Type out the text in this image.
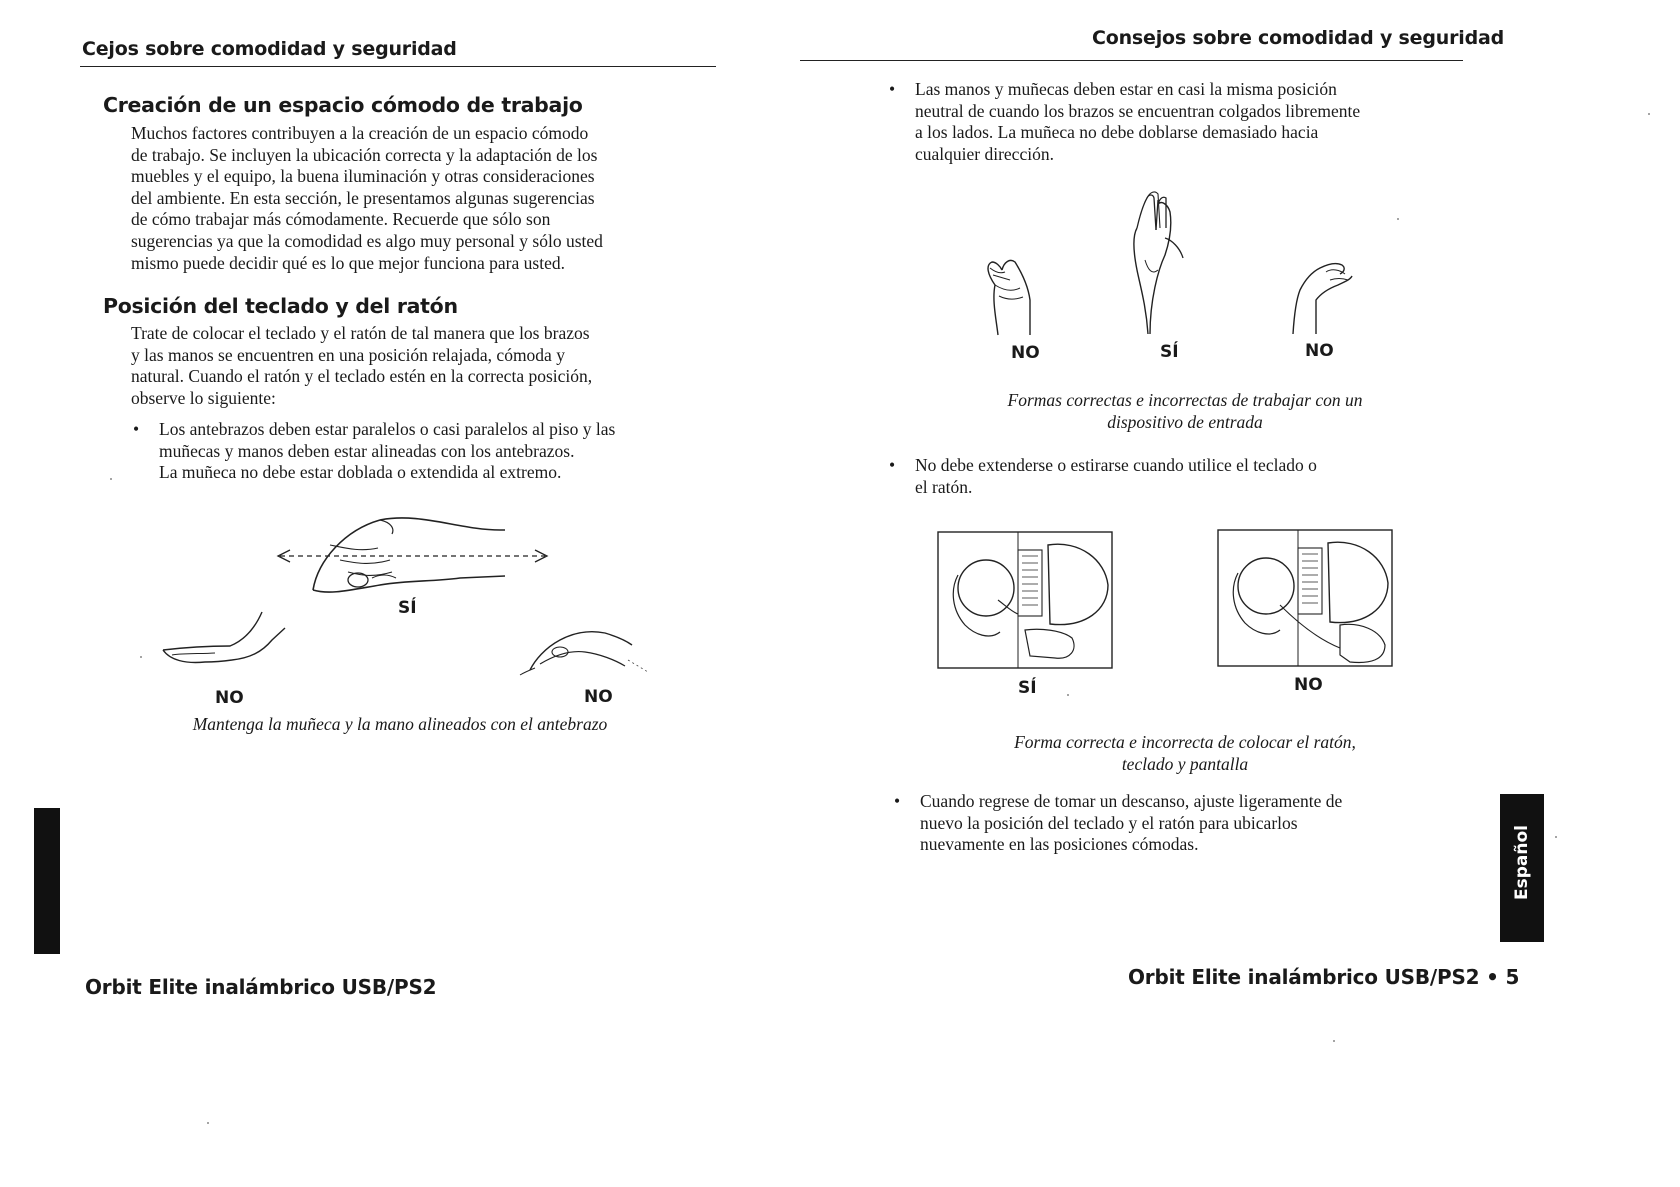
Cejos sobre comodidad y seguridad
Creación de un espacio cómodo de trabajo
Muchos factores contribuyen a la creación de un espacio cómodo
de trabajo. Se incluyen la ubicación correcta y la adaptación de los
muebles y el equipo, la buena iluminación y otras consideraciones
del ambiente. En esta sección, le presentamos algunas sugerencias
de cómo trabajar más cómodamente. Recuerde que sólo son
sugerencias ya que la comodidad es algo muy personal y sólo usted
mismo puede decidir qué es lo que mejor funciona para usted.
Posición del teclado y del ratón
Trate de colocar el teclado y el ratón de tal manera que los brazos
y las manos se encuentren en una posición relajada, cómoda y
natural. Cuando el ratón y el teclado estén en la correcta posición,
observe lo siguiente:
• Los antebrazos deben estar paralelos o casi paralelos al piso y las
muñecas y manos deben estar alineadas con los antebrazos.
La muñeca no debe estar doblada o extendida al extremo.
SÍ
NO	NO
Mantenga la muñeca y la mano alineados con el antebrazo
Orbit Elite inalámbrico USB/PS2
Consejos sobre comodidad y seguridad
• Las manos y muñecas deben estar en casi la misma posición
neutral de cuando los brazos se encuentran colgados libremente
a los lados. La muñeca no debe doblarse demasiado hacia
cualquier dirección.
NO	SÍ	NO
Formas correctas e incorrectas de trabajar con un
dispositivo de entrada
• No debe extenderse o estirarse cuando utilice el teclado o
el ratón.
SÍ	NO
Forma correcta e incorrecta de colocar el ratón,
teclado y pantalla
• Cuando regrese de tomar un descanso, ajuste ligeramente de
nuevo la posición del teclado y el ratón para ubicarlos
nuevamente en las posiciones cómodas.	Español
Orbit Elite inalámbrico USB/PS2 • 5
